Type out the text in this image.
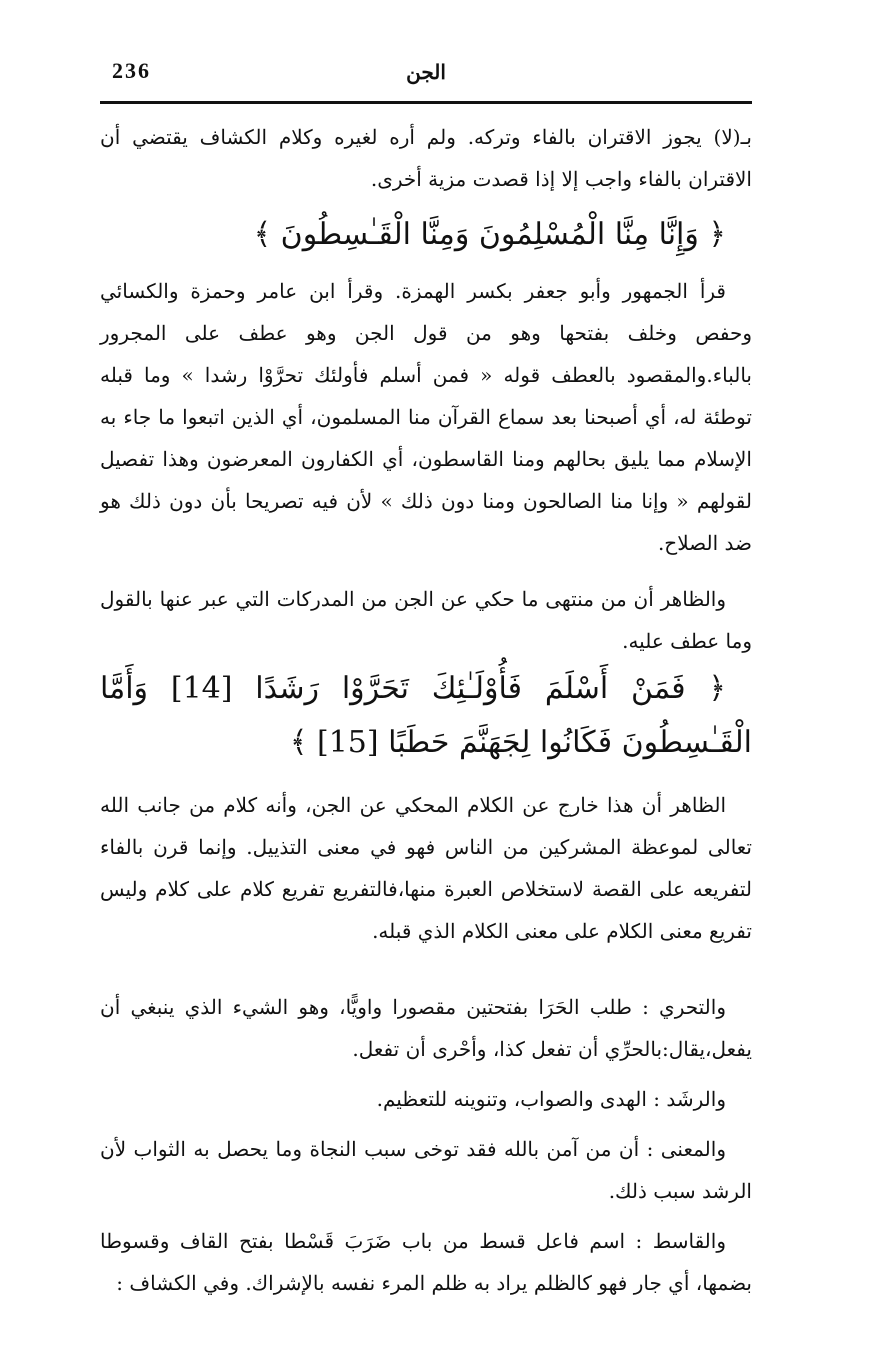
236	الجن

بـ(لا) يجوز الاقتران بالفاء وتركه. ولم أره لغيره وكلام الكشاف يقتضي أن الاقتران بالفاء واجب إلا إذا قصدت مزية أخرى.

﴿ وَإِنَّا مِنَّا الْمُسْلِمُونَ وَمِنَّا الْقَـٰسِطُونَ ﴾

قرأ الجمهور وأبو جعفر بكسر الهمزة. وقرأ ابن عامر وحمزة والكسائي وحفص وخلف بفتحها وهو من قول الجن وهو عطف على المجرور بالباء.والمقصود بالعطف قوله « فمن أسلم فأولئك تحرَّوْا رشدا » وما قبله توطئة له، أي أصبحنا بعد سماع القرآن منا المسلمون، أي الذين اتبعوا ما جاء به الإسلام مما يليق بحالهم ومنا القاسطون، أي الكفارون المعرضون وهذا تفصيل لقولهم « وإنا منا الصالحون ومنا دون ذلك » لأن فيه تصريحا بأن دون ذلك هو ضد الصلاح.

والظاهر أن من منتهى ما حكي عن الجن من المدركات التي عبر عنها بالقول وما عطف عليه.

﴿ فَمَنْ أَسْلَمَ فَأُوْلَـٰئِكَ تَحَرَّوْا رَشَدًا [14] وَأَمَّا الْقَـٰسِطُونَ فَكَانُوا لِجَهَنَّمَ حَطَبًا [15] ﴾

الظاهر أن هذا خارج عن الكلام المحكي عن الجن، وأنه كلام من جانب الله تعالى لموعظة المشركين من الناس فهو في معنى التذييل. وإنما قرن بالفاء لتفريعه على القصة لاستخلاص العبرة منها،فالتفريع تفريع كلام على كلام وليس تفريع معنى الكلام على معنى الكلام الذي قبله.

والتحري : طلب الحَرَا بفتحتين مقصورا واويًّا، وهو الشيء الذي ينبغي أن يفعل،يقال:بالحرِّي أن تفعل كذا، وأحْرى أن تفعل.

والرشَد : الهدى والصواب، وتنوينه للتعظيم.

والمعنى : أن من آمن بالله فقد توخى سبب النجاة وما يحصل به الثواب لأن الرشد سبب ذلك.

والقاسط : اسم فاعل قسط من باب ضَرَبَ قَسْطا بفتح القاف وقسوطا بضمها، أي جار فهو كالظلم يراد به ظلم المرء نفسه بالإشراك. وفي الكشاف :
